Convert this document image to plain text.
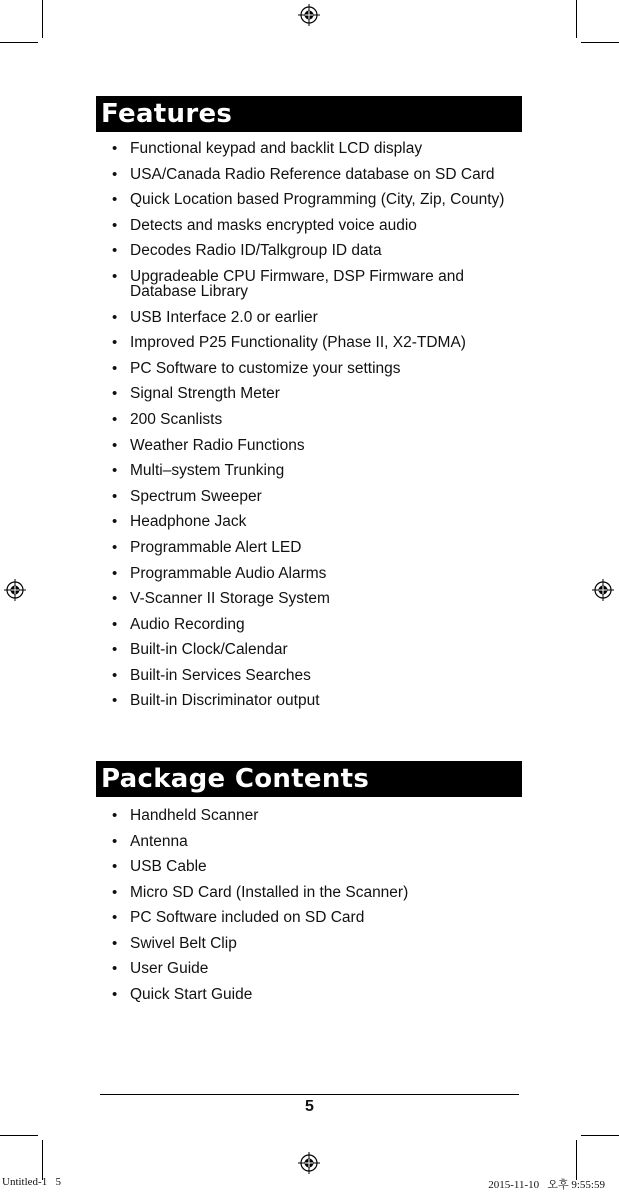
Features
• Functional keypad and backlit LCD display
• USA/Canada Radio Reference database on SD Card
• Quick Location based Programming (City, Zip, County)
• Detects and masks encrypted voice audio
• Decodes Radio ID/Talkgroup ID data
• Upgradeable CPU Firmware, DSP Firmware and Database Library
• USB Interface 2.0 or earlier
• Improved P25 Functionality (Phase II, X2-TDMA)
• PC Software to customize your settings
• Signal Strength Meter
• 200 Scanlists
• Weather Radio Functions
• Multi–system Trunking
• Spectrum Sweeper
• Headphone Jack
• Programmable Alert LED
• Programmable Audio Alarms
• V-Scanner II Storage System
• Audio Recording
• Built-in Clock/Calendar
• Built-in Services Searches
• Built-in Discriminator output
Package Contents
• Handheld Scanner
• Antenna
• USB Cable
• Micro SD Card (Installed in the Scanner)
• PC Software included on SD Card
• Swivel Belt Clip
• User Guide
• Quick Start Guide
5
Untitled-1   5	2015-11-10   오후 9:55:59
